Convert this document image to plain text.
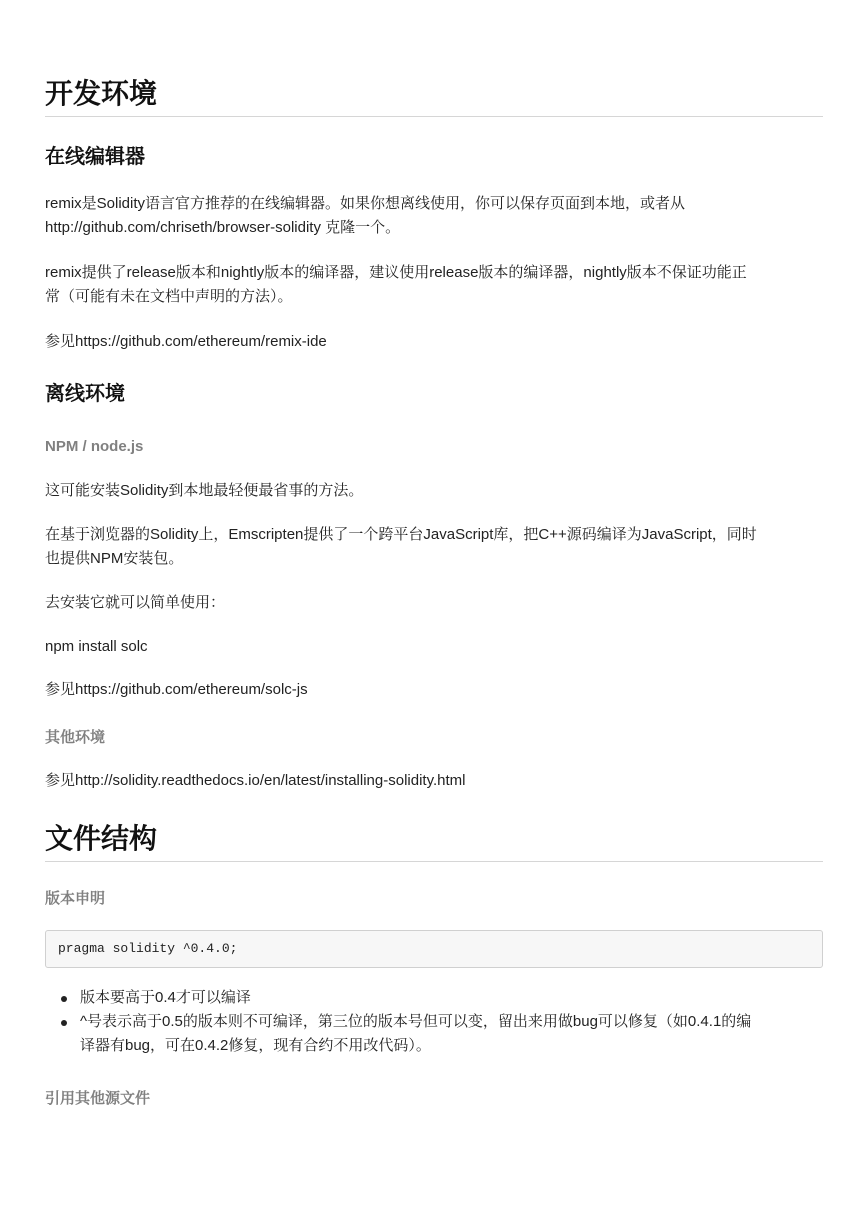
开发环境
在线编辑器

remix是Solidity语言官方推荐的在线编辑器。如果你想离线使用，你可以保存页面到本地，或者从

http://github.com/chriseth/browser-solidity 克隆一个。

remix提供了release版本和nightly版本的编译器，建议使用release版本的编译器，nightly版本不保证功能正

常（可能有未在文档中声明的方法）。

参见https://github.com/ethereum/remix-ide

离线环境
NPM / node.js

这可能安装Solidity到本地最轻便最省事的方法。

在基于浏览器的Solidity上，Emscripten提供了一个跨平台JavaScript库，把C++源码编译为JavaScript，同时

也提供NPM安装包。

去安装它就可以简单使用：

npm install solc

参见https://github.com/ethereum/solc-js

其他环境

参见http://solidity.readthedocs.io/en/latest/installing-solidity.html

文件结构
版本申明
pragma solidity ^0.4.0;
版本要高于0.4才可以编译
^号表示高于0.5的版本则不可编译，第三位的版本号但可以变，留出来用做bug可以修复（如0.4.1的编
译器有bug，可在0.4.2修复，现有合约不用改代码）。
引用其他源文件
